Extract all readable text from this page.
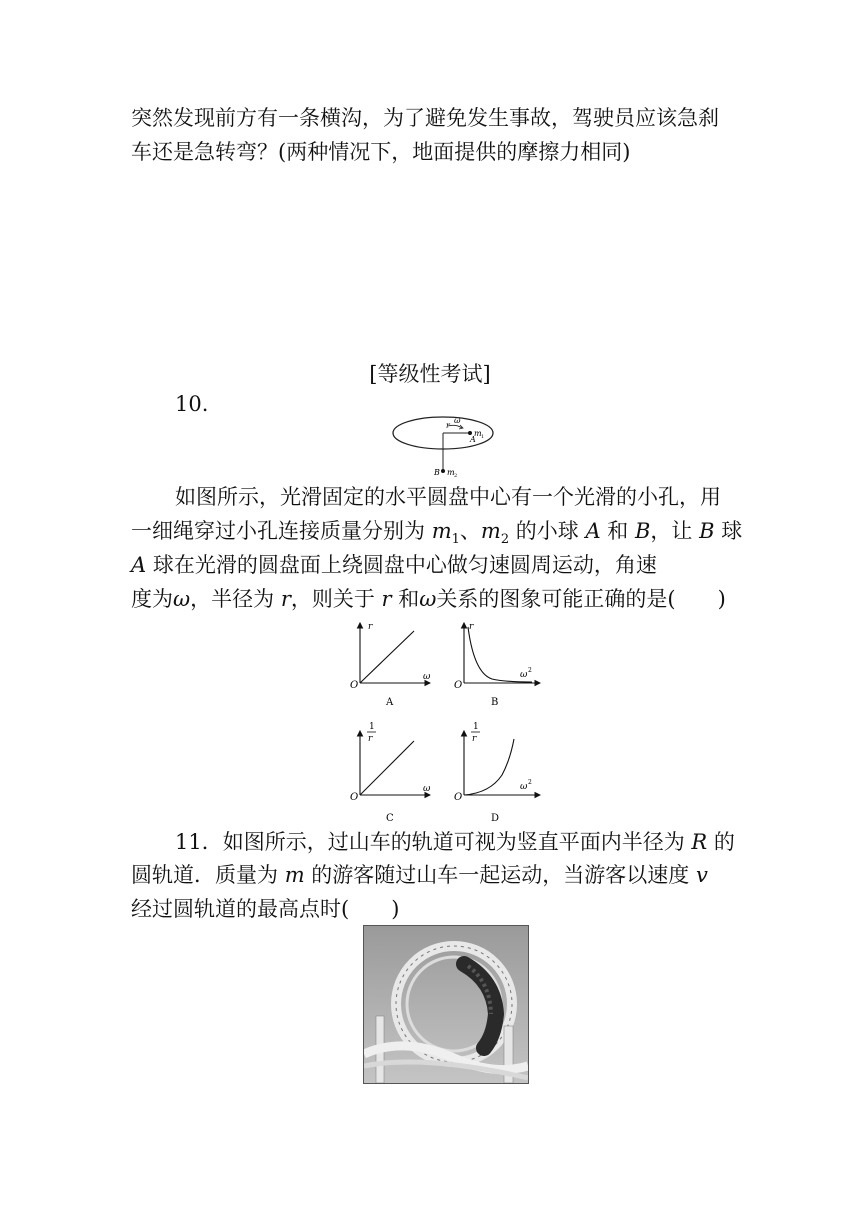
突然发现前方有一条横沟，为了避免发生事故，驾驶员应该急刹
车还是急转弯？(两种情况下，地面提供的摩擦力相同)
[等级性考试]
10.
r
ω
m 1
A
B m 2
如图所示，光滑固定的水平圆盘中心有一个光滑的小孔，用
一细绳穿过小孔连接质量分别为 $m_1$、$m_2$ 的小球 A 和 B，让 B 球
A 球在光滑的圆盘面上绕圆盘中心做匀速圆周运动，角速
度为ω，半径为 r，则关于 r 和ω关系的图象可能正确的是(　　)
r
ω
O
A
r
ω 2
O
B
1
r
ω
O
C
1
r
ω 2
O
D
11．如图所示，过山车的轨道可视为竖直平面内半径为 R 的
圆轨道．质量为 m 的游客随过山车一起运动，当游客以速度 v
经过圆轨道的最高点时(　　)
